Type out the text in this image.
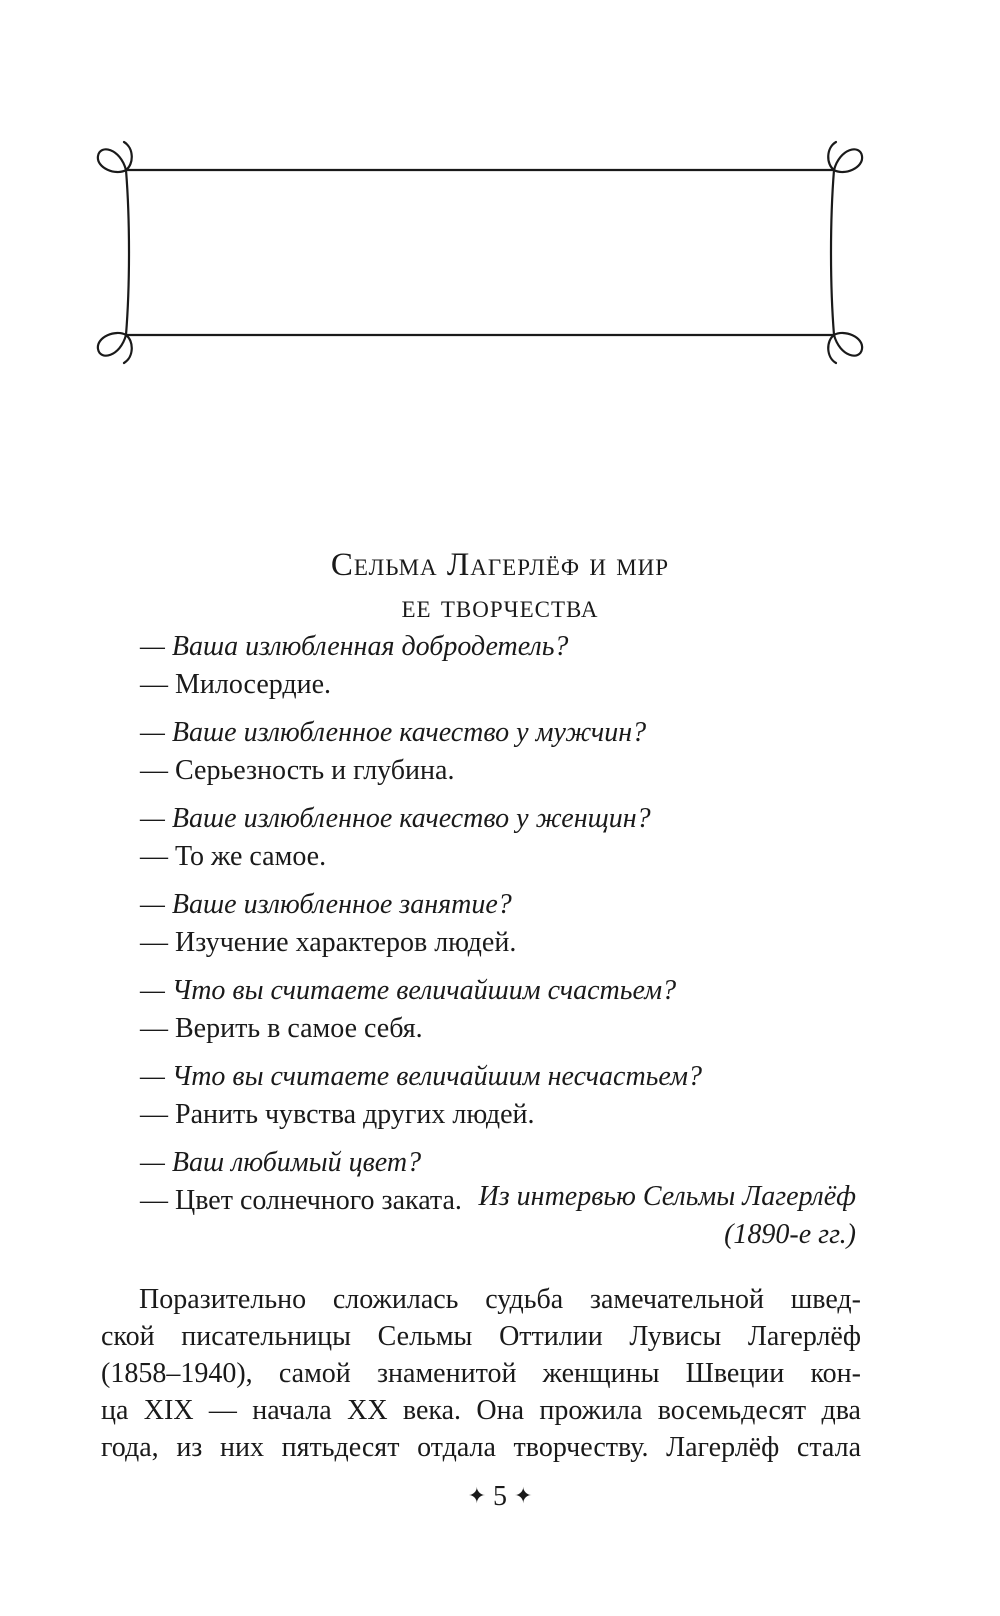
Сельма Лагерлёф и мир
ее творчества
— Ваша излюбленная добродетель?
— Милосердие.
— Ваше излюбленное качество у мужчин?
— Серьезность и глубина.
— Ваше излюбленное качество у женщин?
— То же самое.
— Ваше излюбленное занятие?
— Изучение характеров людей.
— Что вы считаете величайшим счастьем?
— Верить в самое себя.
— Что вы считаете величайшим несчастьем?
— Ранить чувства других людей.
— Ваш любимый цвет?
— Цвет солнечного заката. Из интервью Сельмы Лагерлёф
(1890-е гг.)
Поразительно сложилась судьба замечательной швед-
ской писательницы Сельмы Оттилии Лувисы Лагерлёф
(1858–1940), самой знаменитой женщины Швеции кон-
ца XIX — начала XX века. Она прожила восемьдесят два
года, из них пятьдесят отдала творчеству. Лагерлёф стала
✦ 5 ✦
